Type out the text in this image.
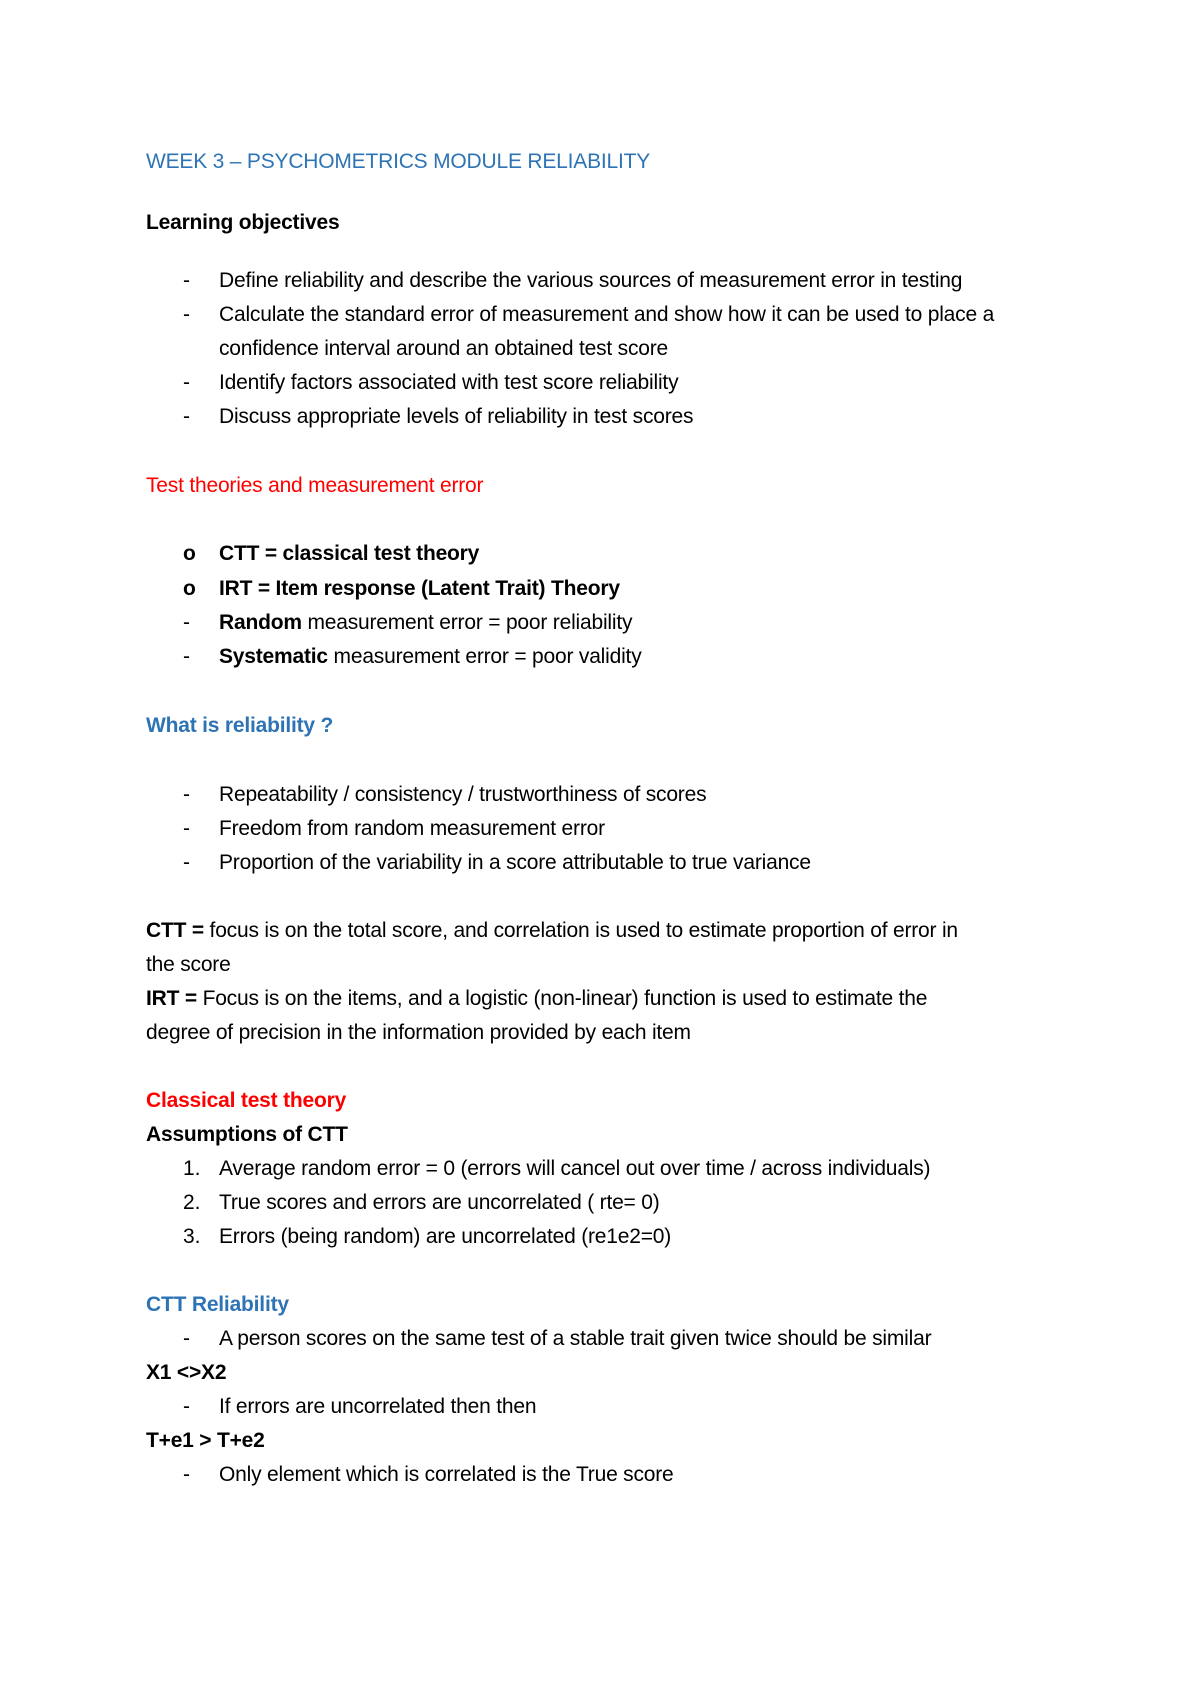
WEEK 3 – PSYCHOMETRICS MODULE RELIABILITY
Learning objectives
- Define reliability and describe the various sources of measurement error in testing
- Calculate the standard error of measurement and show how it can be used to place a
confidence interval around an obtained test score
- Identify factors associated with test score reliability
- Discuss appropriate levels of reliability in test scores
Test theories and measurement error
o CTT = classical test theory
o IRT = Item response (Latent Trait) Theory
- Random measurement error = poor reliability
- Systematic measurement error = poor validity
What is reliability ?
- Repeatability / consistency / trustworthiness of scores
- Freedom from random measurement error
- Proportion of the variability in a score attributable to true variance
CTT = focus is on the total score, and correlation is used to estimate proportion of error in
the score
IRT = Focus is on the items, and a logistic (non-linear) function is used to estimate the
degree of precision in the information provided by each item
Classical test theory
Assumptions of CTT
1. Average random error = 0 (errors will cancel out over time / across individuals)
2. True scores and errors are uncorrelated ( rte= 0)
3. Errors (being random) are uncorrelated (re1e2=0)
CTT Reliability
- A person scores on the same test of a stable trait given twice should be similar
X1 <>X2
- If errors are uncorrelated then then
T+e1 > T+e2
- Only element which is correlated is the True score
